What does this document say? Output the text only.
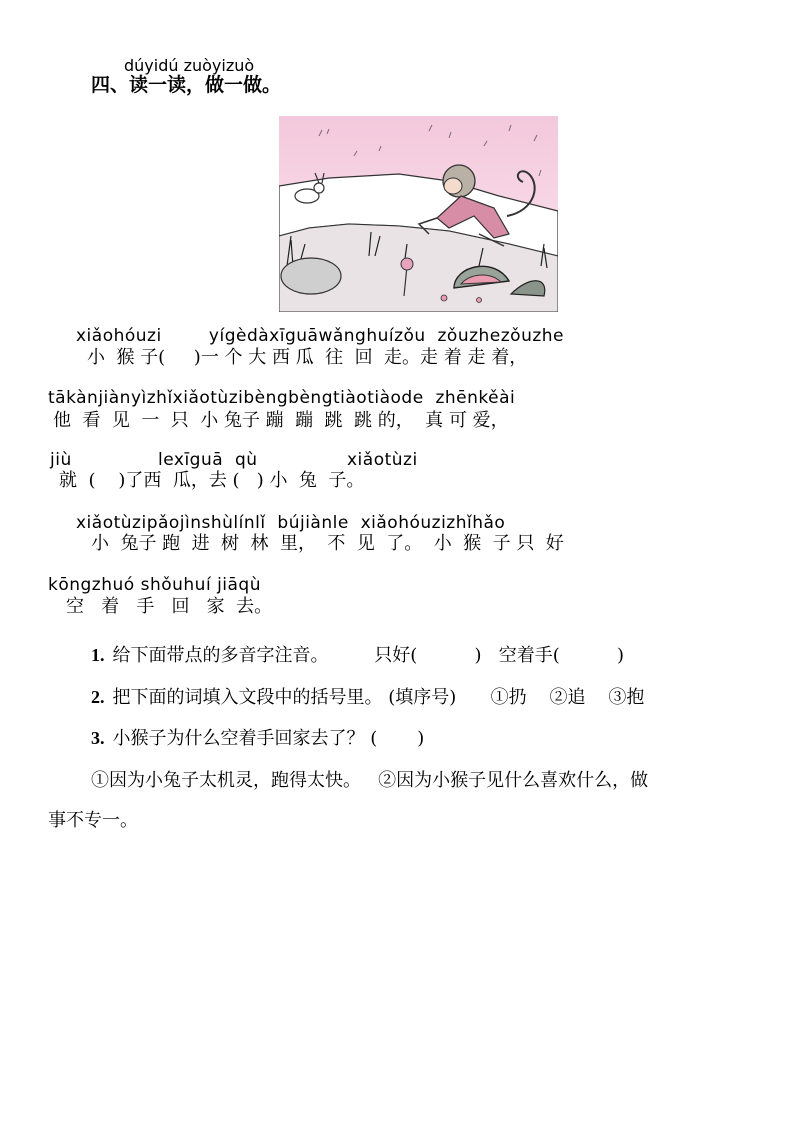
dúyidú zuòyizuò
四、读一读，做一做。
xiǎohóuzi        yígèdàxīguāwǎnghuízǒu  zǒuzhezǒuzhe
小  猴 子(     )一 个 大 西 瓜  往  回  走。走 着 走 着，
tākànjiànyìzhǐxiǎotùzibèngbèngtiàotiàode  zhēnkěài
他  看  见  一  只  小 兔子 蹦  蹦  跳  跳 的，  真 可 爱，
jiù	lexīguā  qù	xiǎotùzi
就  (    )了西  瓜，去 (   ) 小  兔  子。
xiǎotùzipǎojìnshùlínlǐ  bújiànle  xiǎohóuzizhǐhǎo
小  兔子 跑  进  树  林  里，  不  见  了。  小  猴  子 只  好
kōngzhuó shǒuhuí jiāqù
空   着   手   回   家  去。
1. 给下面带点的多音字注音。        只好(          )   空着手(          )
2. 把下面的词填入文段中的括号里。 (填序号)      ①扔    ②追    ③抱
3. 小猴子为什么空着手回家去了？ (       )
①因为小兔子太机灵，跑得太快。   ②因为小猴子见什么喜欢什么，做
事不专一。
